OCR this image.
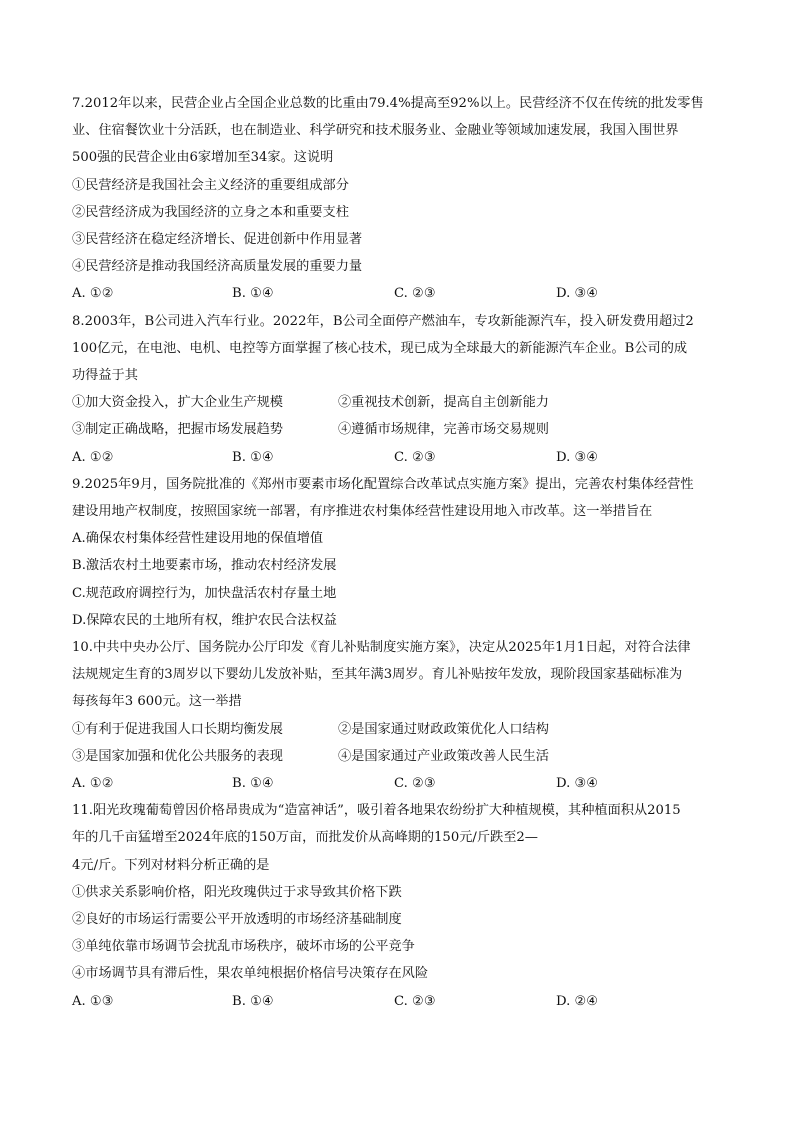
7.2012年以来，民营企业占全国企业总数的比重由79.4%提高至92%以上。民营经济不仅在传统的批发零售
业、住宿餐饮业十分活跃，也在制造业、科学研究和技术服务业、金融业等领域加速发展，我国入围世界
500强的民营企业由6家增加至34家。这说明
①民营经济是我国社会主义经济的重要组成部分
②民营经济成为我国经济的立身之本和重要支柱
③民营经济在稳定经济增长、促进创新中作用显著
④民营经济是推动我国经济高质量发展的重要力量
A. ①②	B. ①④	C. ②③	D. ③④
8.2003年，B公司进入汽车行业。2022年，B公司全面停产燃油车，专攻新能源汽车，投入研发费用超过2
100亿元，在电池、电机、电控等方面掌握了核心技术，现已成为全球最大的新能源汽车企业。B公司的成
功得益于其
①加大资金投入，扩大企业生产规模	②重视技术创新，提高自主创新能力
③制定正确战略，把握市场发展趋势	④遵循市场规律，完善市场交易规则
A. ①②	B. ①④	C. ②③	D. ③④
9.2025年9月，国务院批准的《郑州市要素市场化配置综合改革试点实施方案》提出，完善农村集体经营性
建设用地产权制度，按照国家统一部署，有序推进农村集体经营性建设用地入市改革。这一举措旨在
A.确保农村集体经营性建设用地的保值增值
B.激活农村土地要素市场，推动农村经济发展
C.规范政府调控行为，加快盘活农村存量土地
D.保障农民的土地所有权，维护农民合法权益
10.中共中央办公厅、国务院办公厅印发《育儿补贴制度实施方案》，决定从2025年1月1日起，对符合法律
法规规定生育的3周岁以下婴幼儿发放补贴，至其年满3周岁。育儿补贴按年发放，现阶段国家基础标准为
每孩每年3 600元。这一举措
①有利于促进我国人口长期均衡发展	②是国家通过财政政策优化人口结构
③是国家加强和优化公共服务的表现	④是国家通过产业政策改善人民生活
A. ①②	B. ①④	C. ②③	D. ③④
11.阳光玫瑰葡萄曾因价格昂贵成为“造富神话”，吸引着各地果农纷纷扩大种植规模，其种植面积从2015
年的几千亩猛增至2024年底的150万亩，而批发价从高峰期的150元/斤跌至2—
4元/斤。下列对材料分析正确的是
①供求关系影响价格，阳光玫瑰供过于求导致其价格下跌
②良好的市场运行需要公平开放透明的市场经济基础制度
③单纯依靠市场调节会扰乱市场秩序，破坏市场的公平竞争
④市场调节具有滞后性，果农单纯根据价格信号决策存在风险
A. ①③	B. ①④	C. ②③	D. ②④
